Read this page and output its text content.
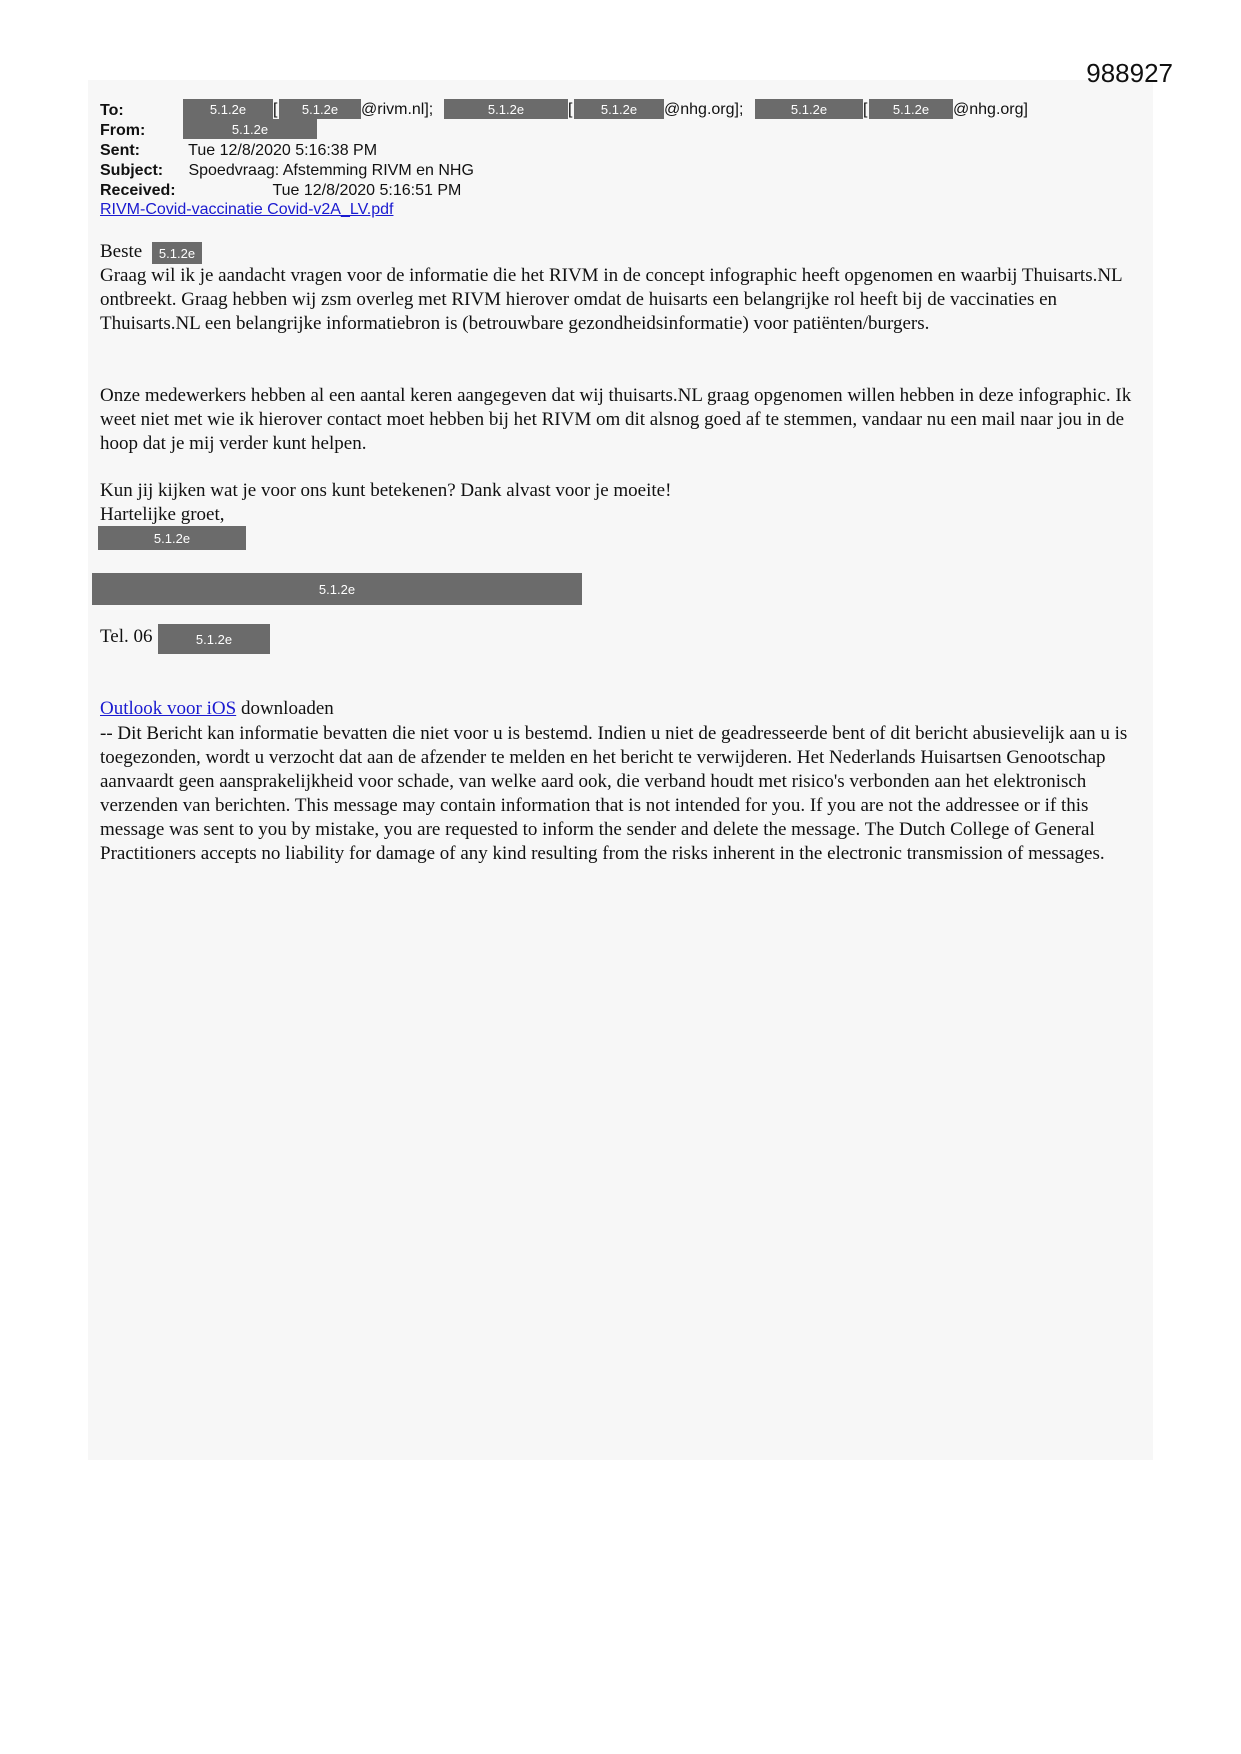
988927
To:	5.1.2e	[	5.1.2e	@rivm.nl];	5.1.2e	[	5.1.2e	@nhg.org];	5.1.2e	[	5.1.2e	@nhg.org]
From:	5.1.2e
Sent:	Tue 12/8/2020 5:16:38 PM
Subject: Spoedvraag: Afstemming RIVM en NHG
Received:	Tue 12/8/2020 5:16:51 PM
RIVM-Covid-vaccinatie Covid-v2A_LV.pdf
Beste	5.1.2e

Graag wil ik je aandacht vragen voor de informatie die het RIVM in de concept infographic heeft opgenomen en waarbij Thuisarts.NL ontbreekt. Graag hebben wij zsm overleg met RIVM hierover omdat de huisarts een belangrijke rol heeft bij de vaccinaties en Thuisarts.NL een belangrijke informatiebron is (betrouwbare gezondheidsinformatie) voor patiënten/burgers.

Onze medewerkers hebben al een aantal keren aangegeven dat wij thuisarts.NL graag opgenomen willen hebben in deze infographic. Ik weet niet met wie ik hierover contact moet hebben bij het RIVM om dit alsnog goed af te stemmen, vandaar nu een mail naar jou in de hoop dat je mij verder kunt helpen.

Kun jij kijken wat je voor ons kunt betekenen? Dank alvast voor je moeite!
Hartelijke groet,
5.1.2e
5.1.2e
Tel. 06	5.1.2e
Outlook voor iOS downloaden

-- Dit Bericht kan informatie bevatten die niet voor u is bestemd. Indien u niet de geadresseerde bent of dit bericht abusievelijk aan u is toegezonden, wordt u verzocht dat aan de afzender te melden en het bericht te verwijderen. Het Nederlands Huisartsen Genootschap aanvaardt geen aansprakelijkheid voor schade, van welke aard ook, die verband houdt met risico's verbonden aan het elektronisch verzenden van berichten. This message may contain information that is not intended for you. If you are not the addressee or if this message was sent to you by mistake, you are requested to inform the sender and delete the message. The Dutch College of General Practitioners accepts no liability for damage of any kind resulting from the risks inherent in the electronic transmission of messages.
